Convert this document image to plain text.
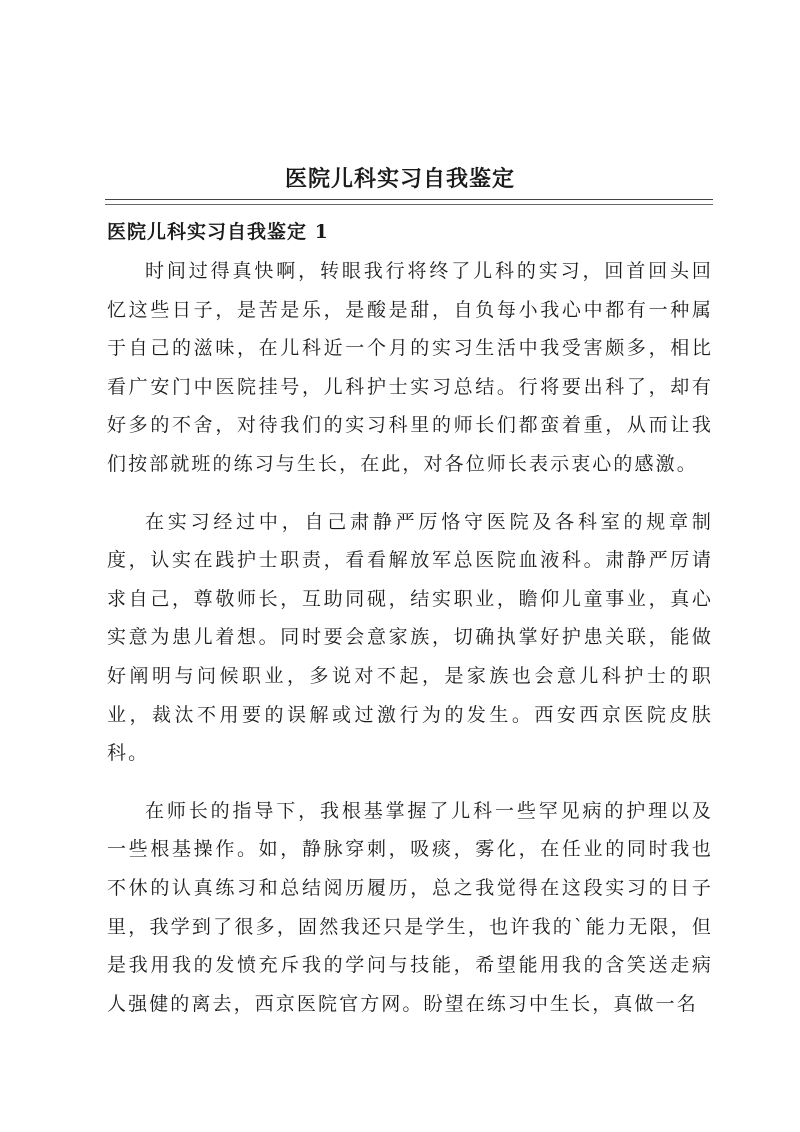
医院儿科实习自我鉴定
医院儿科实习自我鉴定 1

时间过得真快啊，转眼我行将终了儿科的实习，回首回头回忆这些日子，是苦是乐，是酸是甜，自负每小我心中都有一种属于自己的滋味，在儿科近一个月的实习生活中我受害颇多，相比看广安门中医院挂号，儿科护士实习总结。行将要出科了，却有好多的不舍，对待我们的实习科里的师长们都蛮着重，从而让我们按部就班的练习与生长，在此，对各位师长表示衷心的感激。

在实习经过中，自己肃静严厉恪守医院及各科室的规章制度，认实在践护士职责，看看解放军总医院血液科。肃静严厉请求自己，尊敬师长，互助同砚，结实职业，瞻仰儿童事业，真心实意为患儿着想。同时要会意家族，切确执掌好护患关联，能做好阐明与问候职业，多说对不起，是家族也会意儿科护士的职业，裁汰不用要的误解或过激行为的发生。西安西京医院皮肤科。

在师长的指导下，我根基掌握了儿科一些罕见病的护理以及一些根基操作。如，静脉穿刺，吸痰，雾化，在任业的同时我也不休的认真练习和总结阅历履历，总之我觉得在这段实习的日子里，我学到了很多，固然我还只是学生，也许我的`能力无限，但是我用我的发愤充斥我的学问与技能，希望能用我的含笑送走病人强健的离去，西京医院官方网。盼望在练习中生长，真做一名
